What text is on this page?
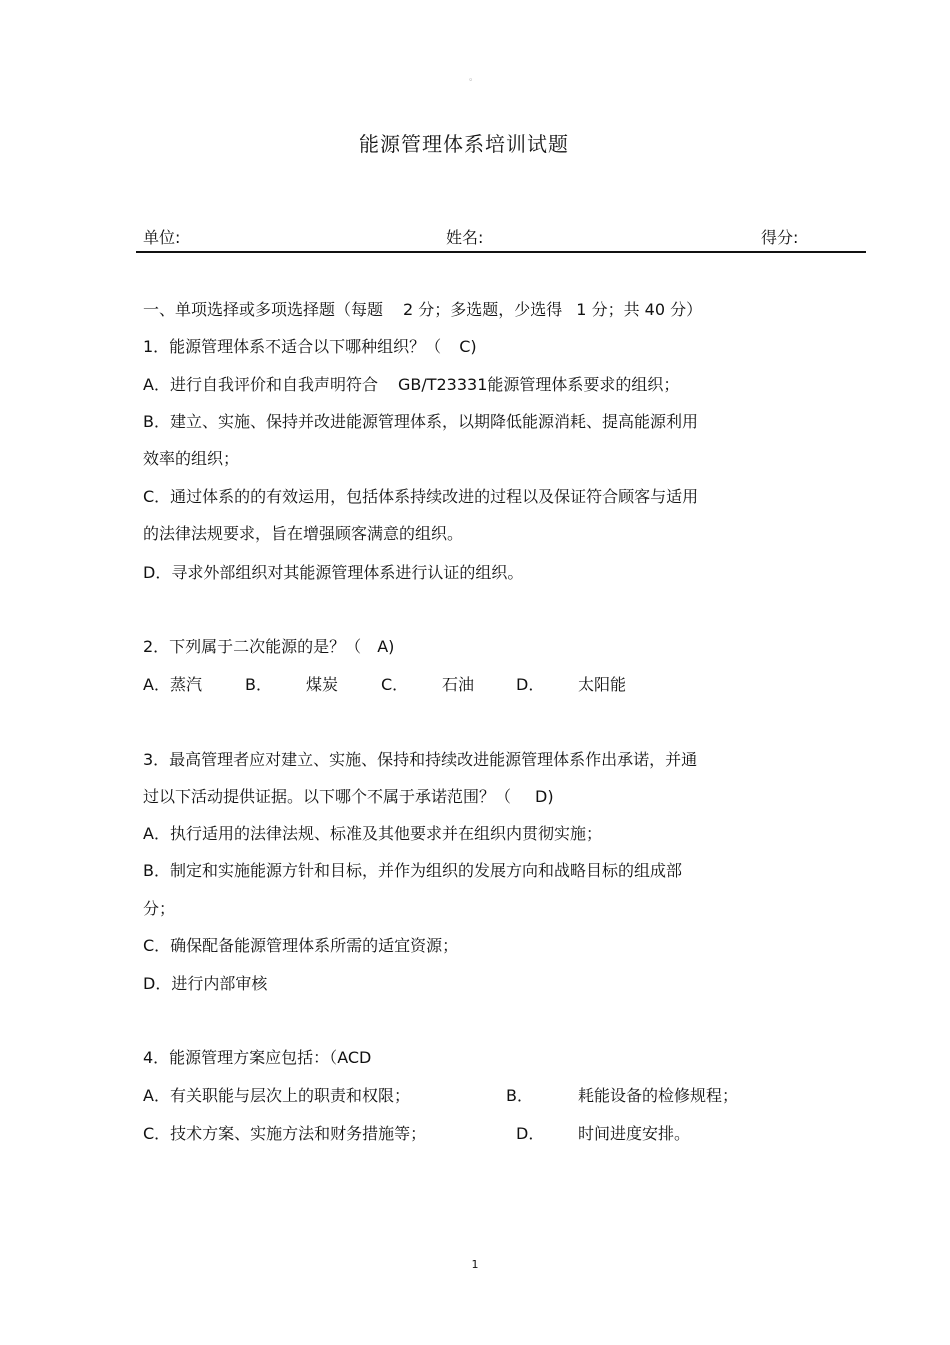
。
能源管理体系培训试题
单位:	姓名:	得分:
一、单项选择或多项选择题（每题 2 分；多选题，少选得 1 分；共 40 分）
1．能源管理体系不适合以下哪种组织？（ C)
A．进行自我评价和自我声明符合 GB/T23331能源管理体系要求的组织；
B．建立、实施、保持并改进能源管理体系，以期降低能源消耗、提高能源利用
效率的组织；
C．通过体系的的有效运用，包括体系持续改进的过程以及保证符合顾客与适用
的法律法规要求，旨在增强顾客满意的组织。
D．寻求外部组织对其能源管理体系进行认证的组织。
2．下列属于二次能源的是？（ A)
A．蒸汽	B． 煤炭	C． 石油	D． 太阳能
3．最高管理者应对建立、实施、保持和持续改进能源管理体系作出承诺，并通
过以下活动提供证据。以下哪个不属于承诺范围？（ D)
A．执行适用的法律法规、标准及其他要求并在组织内贯彻实施；
B．制定和实施能源方针和目标，并作为组织的发展方向和战略目标的组成部
分；
C．确保配备能源管理体系所需的适宜资源；
D．进行内部审核
4．能源管理方案应包括：（ACD
A．有关职能与层次上的职责和权限；	B．	耗能设备的检修规程；
C．技术方案、实施方法和财务措施等；	D． 时间进度安排。
1
